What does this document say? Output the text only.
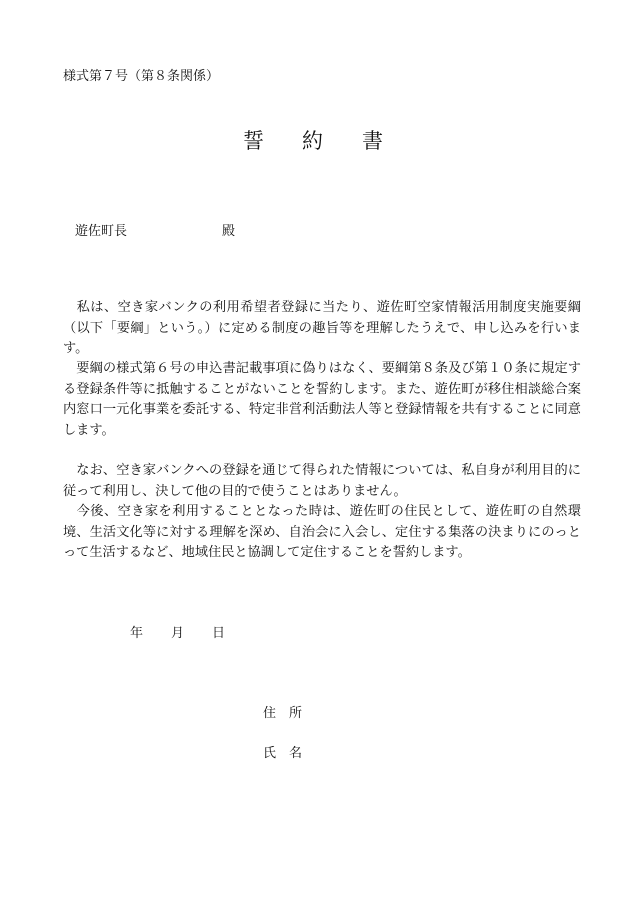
様式第７号（第８条関係）
誓 約 書
遊佐町長	殿
　私は、空き家バンクの利用希望者登録に当たり、遊佐町空家情報活用制度実施要綱（以下「要綱」という。）に定める制度の趣旨等を理解したうえで、申し込みを行います。
　要綱の様式第６号の申込書記載事項に偽りはなく、要綱第８条及び第１０条に規定する登録条件等に抵触することがないことを誓約します。また、遊佐町が移住相談総合案内窓口一元化事業を委託する、特定非営利活動法人等と登録情報を共有することに同意します。
　なお、空き家バンクへの登録を通じて得られた情報については、私自身が利用目的に従って利用し、決して他の目的で使うことはありません。
　今後、空き家を利用することとなった時は、遊佐町の住民として、遊佐町の自然環境、生活文化等に対する理解を深め、自治会に入会し、定住する集落の決まりにのっとって生活するなど、地域住民と協調して定住することを誓約します。
年 月 日
住　所
氏　名
